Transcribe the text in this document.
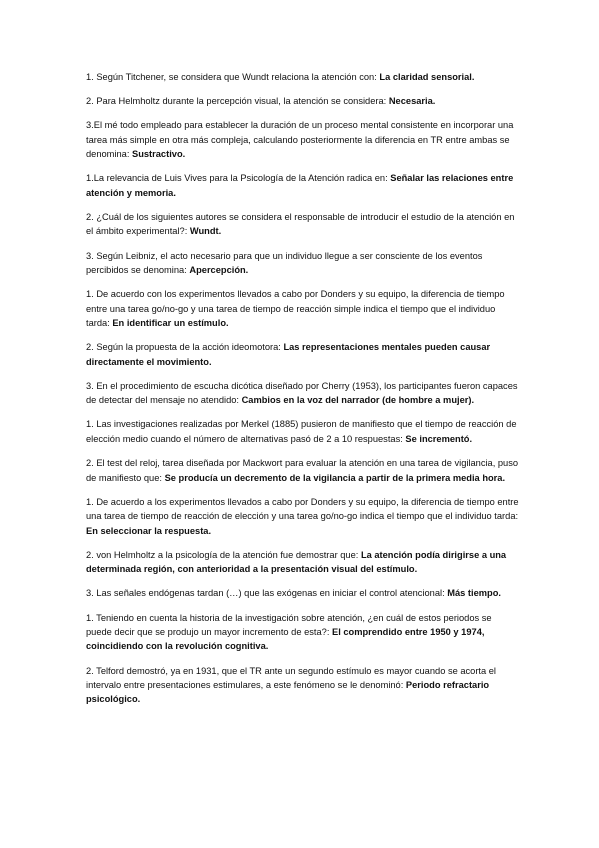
1. Según Titchener, se considera que Wundt relaciona la atención con: La claridad sensorial.

2. Para Helmholtz durante la percepción visual, la atención se considera: Necesaria.

3.El mé todo empleado para establecer la duración de un proceso mental consistente en incorporar una tarea más simple en otra más compleja, calculando posteriormente la diferencia en TR entre ambas se denomina: Sustractivo.

1.La relevancia de Luis Vives para la Psicología de la Atención radica en: Señalar las relaciones entre atención y memoria.

2. ¿Cuál de los siguientes autores se considera el responsable de introducir el estudio de la atención en el ámbito experimental?: Wundt.

3. Según Leibniz, el acto necesario para que un individuo llegue a ser consciente de los eventos percibidos se denomina: Apercepción.

1. De acuerdo con los experimentos llevados a cabo por Donders y su equipo, la diferencia de tiempo entre una tarea go/no-go y una tarea de tiempo de reacción simple indica el tiempo que el individuo tarda: En identificar un estímulo.

2. Según la propuesta de la acción ideomotora: Las representaciones mentales pueden causar directamente el movimiento.

3. En el procedimiento de escucha dicótica diseñado por Cherry (1953), los participantes fueron capaces de detectar del mensaje no atendido: Cambios en la voz del narrador (de hombre a mujer).

1. Las investigaciones realizadas por Merkel (1885) pusieron de manifiesto que el tiempo de reacción de elección medio cuando el número de alternativas pasó de 2 a 10 respuestas: Se incrementó.

2. El test del reloj, tarea diseñada por Mackwort para evaluar la atención en una tarea de vigilancia, puso de manifiesto que: Se producía un decremento de la vigilancia a partir de la primera media hora.

1. De acuerdo a los experimentos llevados a cabo por Donders y su equipo, la diferencia de tiempo entre una tarea de tiempo de reacción de elección y una tarea go/no-go indica el tiempo que el individuo tarda: En seleccionar la respuesta.

2. von Helmholtz a la psicología de la atención fue demostrar que: La atención podía dirigirse a una determinada región, con anterioridad a la presentación visual del estímulo.

3. Las señales endógenas tardan (…) que las exógenas en iniciar el control atencional: Más tiempo.

1. Teniendo en cuenta la historia de la investigación sobre atención, ¿en cuál de estos periodos se puede decir que se produjo un mayor incremento de esta?: El comprendido entre 1950 y 1974, coincidiendo con la revolución cognitiva.

2. Telford demostró, ya en 1931, que el TR ante un segundo estímulo es mayor cuando se acorta el intervalo entre presentaciones estimulares, a este fenómeno se le denominó: Periodo refractario psicológico.
